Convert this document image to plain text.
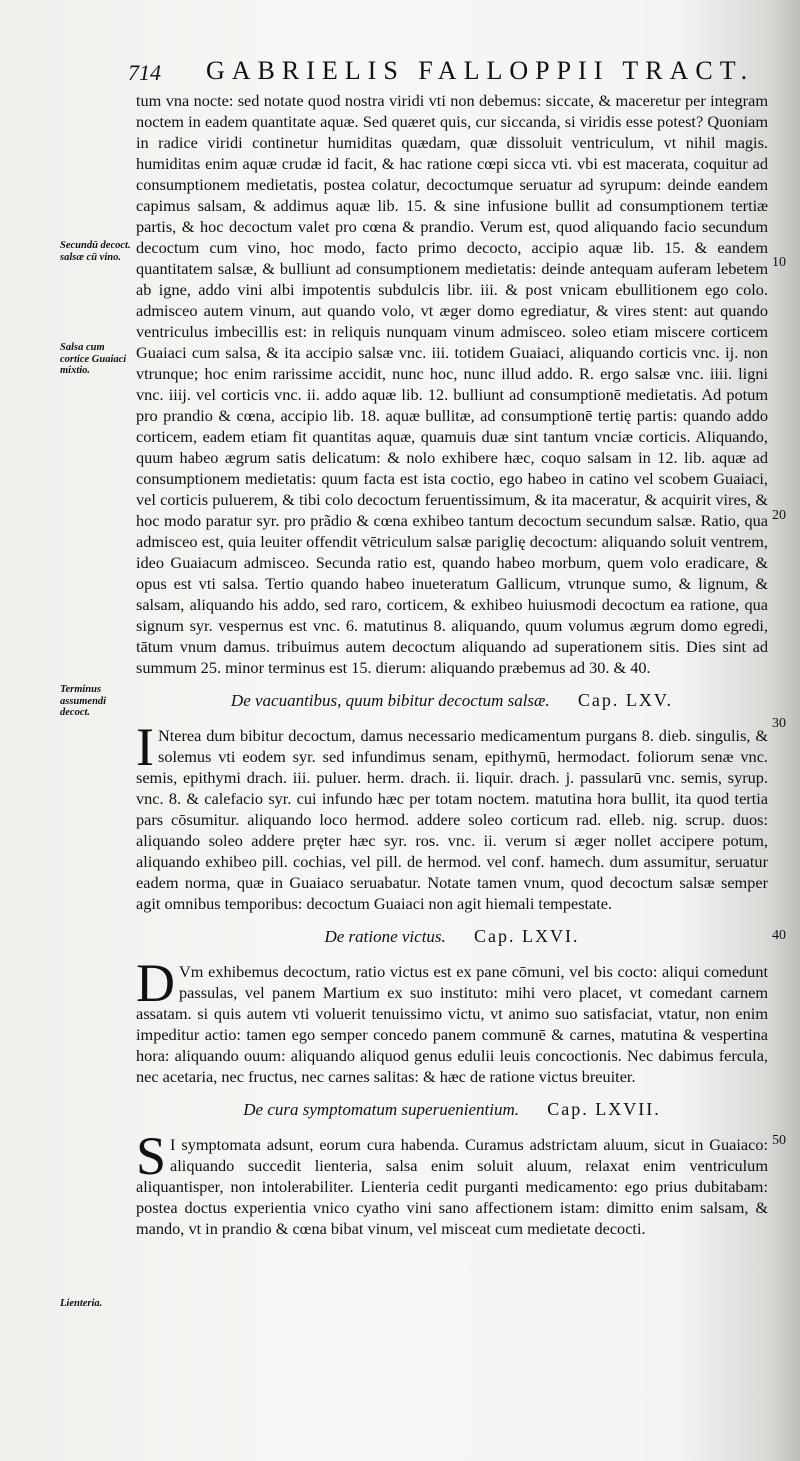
714 GABRIELIS FALLOPPII TRACT.
Secundū decoct. salsæ cū vino.
Salsa cum cortice Guaiaci mixtio.
Terminus assumendi decoct.
Lienteria.
10
20
30
40
50

tum vna nocte: sed notate quod nostra viridi vti non debemus: siccate, & maceretur per integram noctem in eadem quantitate aquæ. Sed quæret quis, cur siccanda, si viridis esse potest? Quoniam in radice viridi continetur humiditas quædam, quæ dissoluit ventriculum, vt nihil magis. humiditas enim aquæ crudæ id facit, & hac ratione cœpi sicca vti. vbi est macerata, coquitur ad consumptionem medietatis, postea colatur, decoctumque seruatur ad syrupum: deinde eandem capimus salsam, & addimus aquæ lib. 15. & sine infusione bullit ad consumptionem tertiæ partis, & hoc decoctum valet pro cœna & prandio. Verum est, quod aliquando facio secundum decoctum cum vino, hoc modo, facto primo decocto, accipio aquæ lib. 15. & eandem quantitatem salsæ, & bulliunt ad consumptionem medietatis: deinde antequam auferam lebetem ab igne, addo vini albi impotentis subdulcis libr. iii. & post vnicam ebullitionem ego colo. admisceo autem vinum, aut quando volo, vt æger domo egrediatur, & vires stent: aut quando ventriculus imbecillis est: in reliquis nunquam vinum admisceo. soleo etiam miscere corticem Guaiaci cum salsa, & ita accipio salsæ vnc. iii. totidem Guaiaci, aliquando corticis vnc. ij. non vtrunque; hoc enim rarissime accidit, nunc hoc, nunc illud addo. R. ergo salsæ vnc. iiii. ligni vnc. iiij. vel corticis vnc. ii. addo aquæ lib. 12. bulliunt ad consumptionē medietatis. Ad potum pro prandio & cœna, accipio lib. 18. aquæ bullitæ, ad consumptionē tertię partis: quando addo corticem, eadem etiam fit quantitas aquæ, quamuis duæ sint tantum vnciæ corticis. Aliquando, quum habeo ægrum satis delicatum: & nolo exhibere hæc, coquo salsam in 12. lib. aquæ ad consumptionem medietatis: quum facta est ista coctio, ego habeo in catino vel scobem Guaiaci, vel corticis puluerem, & tibi colo decoctum feruentissimum, & ita maceratur, & acquirit vires, & hoc modo paratur syr. pro prãdio & cœna exhibeo tantum decoctum secundum salsæ. Ratio, qua admisceo est, quia leuiter offendit vētriculum salsæ pariglię decoctum: aliquando soluit ventrem, ideo Guaiacum admisceo. Secunda ratio est, quando habeo morbum, quem volo eradicare, & opus est vti salsa. Tertio quando habeo inueteratum Gallicum, vtrunque sumo, & lignum, & salsam, aliquando his addo, sed raro, corticem, & exhibeo huiusmodi decoctum ea ratione, qua signum syr. vespernus est vnc. 6. matutinus 8. aliquando, quum volumus ægrum domo egredi, tātum vnum damus. tribuimus autem decoctum aliquando ad superationem sitis. Dies sint ad summum 25. minor terminus est 15. dierum: aliquando præbemus ad 30. & 40.

De vacuantibus, quum bibitur decoctum salsæ. Cap. LXV.

I Nterea dum bibitur decoctum, damus necessario medicamentum purgans 8. dieb. singulis, & solemus vti eodem syr. sed infundimus senam, epithymū, hermodact. foliorum senæ vnc. semis, epithymi drach. iii. puluer. herm. drach. ii. liquir. drach. j. passularū vnc. semis, syrup. vnc. 8. & calefacio syr. cui infundo hæc per totam noctem. matutina hora bullit, ita quod tertia pars cōsumitur. aliquando loco hermod. addere soleo corticum rad. elleb. nig. scrup. duos: aliquando soleo addere pręter hæc syr. ros. vnc. ii. verum si æger nollet accipere potum, aliquando exhibeo pill. cochias, vel pill. de hermod. vel conf. hamech. dum assumitur, seruatur eadem norma, quæ in Guaiaco seruabatur. Notate tamen vnum, quod decoctum salsæ semper agit omnibus temporibus: decoctum Guaiaci non agit hiemali tempestate.

De ratione victus. Cap. LXVI.

D Vm exhibemus decoctum, ratio victus est ex pane cōmuni, vel bis cocto: aliqui comedunt passulas, vel panem Martium ex suo instituto: mihi vero placet, vt comedant carnem assatam. si quis autem vti voluerit tenuissimo victu, vt animo suo satisfaciat, vtatur, non enim impeditur actio: tamen ego semper concedo panem communē & carnes, matutina & vespertina hora: aliquando ouum: aliquando aliquod genus edulii leuis concoctionis. Nec dabimus fercula, nec acetaria, nec fructus, nec carnes salitas: & hæc de ratione victus breuiter.

De cura symptomatum superuenientium. Cap. LXVII.

S I symptomata adsunt, eorum cura habenda. Curamus adstrictam aluum, sicut in Guaiaco: aliquando succedit lienteria, salsa enim soluit aluum, relaxat enim ventriculum aliquantisper, non intolerabiliter. Lienteria cedit purganti medicamento: ego prius dubitabam: postea doctus experientia vnico cyatho vini sano affectionem istam: dimitto enim salsam, & mando, vt in prandio & cœna bibat vinum, vel misceat cum medietate decocti.
